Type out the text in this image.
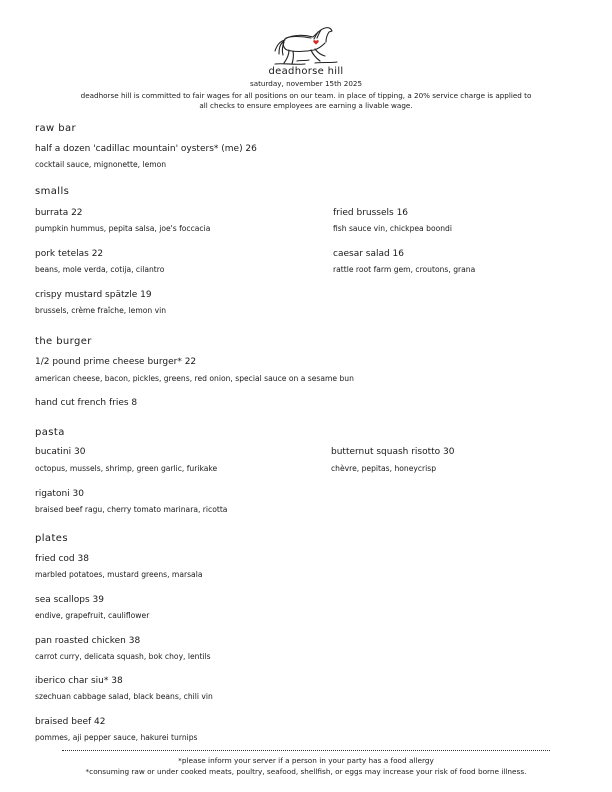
deadhorse hill
saturday, november 15th 2025
deadhorse hill is committed to fair wages for all positions on our team. in place of tipping, a 20% service charge is applied to
all checks to ensure employees are earning a livable wage.
raw bar
half a dozen 'cadillac mountain' oysters* (me) 26
cocktail sauce, mignonette, lemon
smalls
burrata 22
pumpkin hummus, pepita salsa, joe's foccacia
fried brussels 16
fish sauce vin, chickpea boondi
pork tetelas 22
beans, mole verda, cotija, cilantro
caesar salad 16
rattle root farm gem, croutons, grana
crispy mustard spätzle 19
brussels, crème fraîche, lemon vin
the burger
1/2 pound prime cheese burger* 22
american cheese, bacon, pickles, greens, red onion, special sauce on a sesame bun
hand cut french fries 8
pasta
bucatini 30
octopus, mussels, shrimp, green garlic, furikake
butternut squash risotto 30
chèvre, pepitas, honeycrisp
rigatoni 30
braised beef ragu, cherry tomato marinara, ricotta
plates
fried cod 38
marbled potatoes, mustard greens, marsala
sea scallops 39
endive, grapefruit, cauliflower
pan roasted chicken 38
carrot curry, delicata squash, bok choy, lentils
iberico char siu* 38
szechuan cabbage salad, black beans, chili vin
braised beef 42
pommes, aji pepper sauce, hakurei turnips
*please inform your server if a person in your party has a food allergy
*consuming raw or under cooked meats, poultry, seafood, shellfish, or eggs may increase your risk of food borne illness.
